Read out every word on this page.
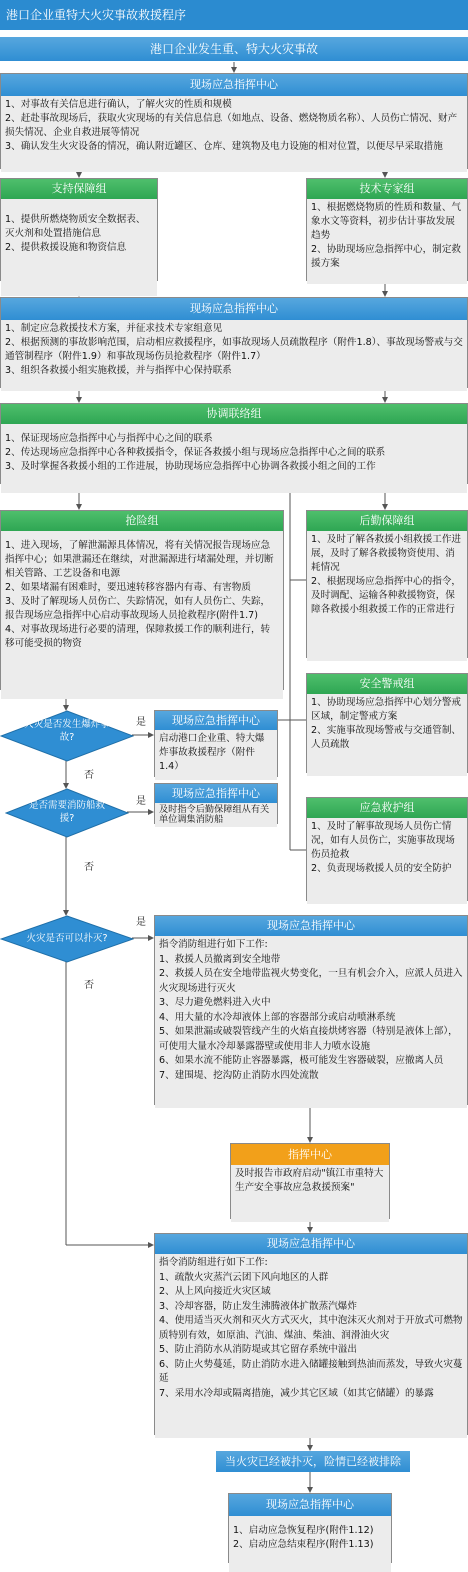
港口企业重特大火灾事故救援程序
港口企业发生重、特大火灾事故
现场应急指挥中心

1、对事故有关信息进行确认，了解火灾的性质和规模

2、赶赴事故现场后，获取火灾现场的有关信息信息（如地点、设备、燃烧物质名称）、人员伤亡情况、财产损失情况、企业自救进展等情况

3、确认发生火灾设备的情况，确认附近罐区、仓库、建筑物及电力设施的相对位置，以便尽早采取措施

支持保障组

1、提供所燃烧物质安全数据表、灭火剂和处置措施信息

2、提供救援设施和物资信息

技术专家组

1、根据燃烧物质的性质和数量、气象水文等资料，初步估计事故发展趋势

2、协助现场应急指挥中心，制定救援方案

现场应急指挥中心

1、制定应急救援技术方案，并征求技术专家组意见

2、根据预测的事故影响范围，启动相应救援程序，如事故现场人员疏散程序（附件1.8）、事故现场警戒与交通管制程序（附件1.9）和事故现场伤员抢救程序（附件1.7）

3、组织各救援小组实施救援，并与指挥中心保持联系

协调联络组

1、保证现场应急指挥中心与指挥中心之间的联系

2、传达现场应急指挥中心各种救援指令，保证各救援小组与现场应急指挥中心之间的联系

3、及时掌握各救援小组的工作进展，协助现场应急指挥中心协调各救援小组之间的工作

抢险组

1、进入现场，了解泄漏源具体情况，将有关情况报告现场应急指挥中心；如果泄漏还在继续，对泄漏源进行堵漏处理，并切断相关管路、工艺设备和电源

2、如果堵漏有困难时，要迅速转移容器内有毒、有害物质

3、及时了解现场人员伤亡、失踪情况，如有人员伤亡、失踪，报告现场应急指挥中心启动事故现场人员抢救程序(附件1.7)

4、对事故现场进行必要的清理，保障救援工作的顺利进行，转移可能受损的物资

后勤保障组

1、及时了解各救援小组救援工作进展，及时了解各救援物资使用、消耗情况

2、根据现场应急指挥中心的指令，及时调配、运输各种救援物资，保障各救援小组救援工作的正常进行

安全警戒组

1、协助现场应急指挥中心划分警戒区域，制定警戒方案

2、实施事故现场警戒与交通管制、人员疏散

应急救护组

1、及时了解事故现场人员伤亡情况，如有人员伤亡，实施事故现场伤员抢救

2、负责现场救援人员的安全防护

火灾是否发生爆炸事故?
是
否
是否需要消防船救援?
是
否
火灾是否可以扑灭?
是
否
现场应急指挥中心
启动港口企业重、特大爆炸事故救援程序（附件1.4）
现场应急指挥中心
及时指令后勤保障组从有关单位调集消防船
现场应急指挥中心

指令消防组进行如下工作:

1、救援人员撤离到安全地带

2、救援人员在安全地带监视火势变化，一旦有机会介入，应派人员进入火灾现场进行灭火

3、尽力避免燃料进入火中

4、用大量的水冷却液体上部的容器部分或启动喷淋系统

5、如果泄漏或破裂管线产生的火焰直接烘烤容器（特别是液体上部），可使用大量水冷却暴露器壁或使用非人力喷水设施

6、如果水流不能防止容器暴露，极可能发生容器破裂，应撤离人员

7、建围堤、挖沟防止消防水四处流散

指挥中心
及时报告市政府启动"镇江市重特大生产安全事故应急救援预案"
现场应急指挥中心

指令消防组进行如下工作:

1、疏散火灾蒸汽云团下风向地区的人群

2、从上风向接近火灾区域

3、冷却容器，防止发生沸腾液体扩散蒸汽爆炸

4、使用适当灭火剂和灭火方式灭火，其中泡沫灭火剂对于开放式可燃物质特别有效，如原油、汽油、煤油、柴油、润滑油火灾

5、防止消防水从消防堤或其它留存系统中溢出

6、防止火势蔓延，防止消防水进入储罐接触到热油而蒸发，导致火灾蔓延

7、采用水冷却或隔离措施，减少其它区域（如其它储罐）的暴露

当火灾已经被扑灭，险情已经被排除
现场应急指挥中心

1、启动应急恢复程序(附件1.12)

2、启动应急结束程序(附件1.13)
